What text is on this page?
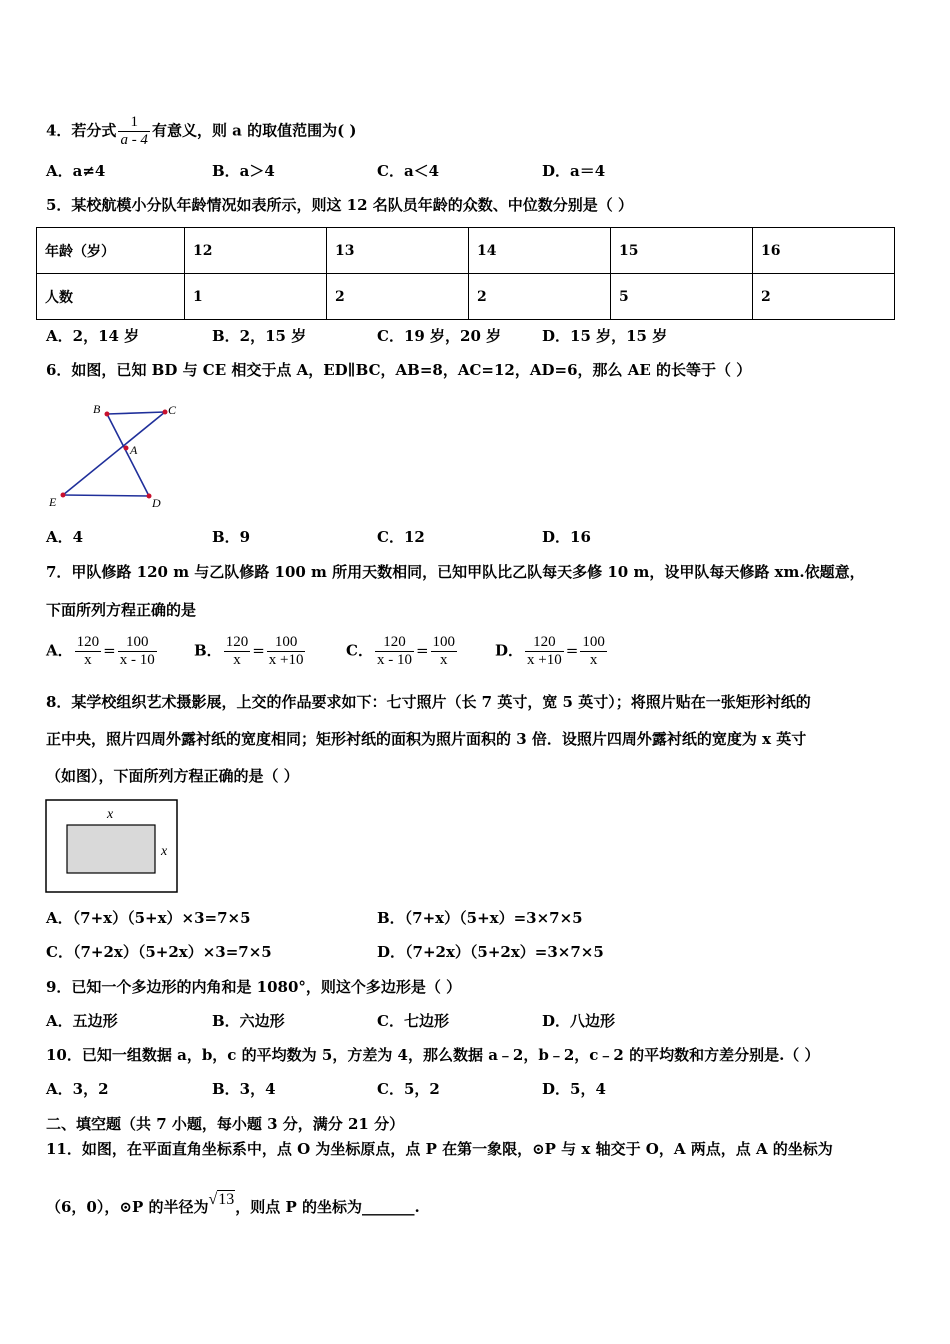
4．若分式 $\frac{1}{a - 4}$ 有意义，则 a 的取值范围为( )
A．a≠4	B．a＞4	C．a＜4	D．a＝4
5．某校航模小分队年龄情况如表所示，则这 12 名队员年龄的众数、中位数分别是（ ）
年龄（岁）	12	13	14	15	16
人数	1	2	2	5	2
A．2，14 岁	B．2，15 岁	C．19 岁，20 岁	D．15 岁，15 岁
6．如图，已知 BD 与 CE 相交于点 A，ED∥BC，AB=8，AC=12，AD=6，那么 AE 的长等于（ ）
B	C
A
E	D
A．4	B．9	C．12	D．16
7．甲队修路 120 m 与乙队修路 100 m 所用天数相同，已知甲队比乙队每天多修 10 m，设甲队每天修路 xm.依题意，
下面所列方程正确的是
A． $\frac{120}{x} = \frac{100}{x - 10}$ B． $\frac{120}{x} = \frac{100}{x +10}$	C． $\frac{120}{x - 10} = \frac{100}{x}$	D． $\frac{120}{x +10} = \frac{100}{x}$
8．某学校组织艺术摄影展，上交的作品要求如下：七寸照片（长 7 英寸，宽 5 英寸）；将照片贴在一张矩形衬纸的
正中央，照片四周外露衬纸的宽度相同；矩形衬纸的面积为照片面积的 3 倍．设照片四周外露衬纸的宽度为 x 英寸
（如图），下面所列方程正确的是（ ）
x
x
A．（7+x）（5+x）×3=7×5	B．（7+x）（5+x）=3×7×5
C．（7+2x）（5+2x）×3=7×5	D．（7+2x）（5+2x）=3×7×5
9．已知一个多边形的内角和是 1080°，则这个多边形是（ ）
A．五边形	B．六边形	C．七边形	D．八边形
10．已知一组数据 a，b，c 的平均数为 5，方差为 4，那么数据 a﹣2，b﹣2，c﹣2 的平均数和方差分别是.（ ）
A．3，2	B．3，4	C．5，2	D．5，4
二、填空题（共 7 小题，每小题 3 分，满分 21 分）
11．如图，在平面直角坐标系中，点 O 为坐标原点，点 P 在第一象限，⊙P 与 x 轴交于 O，A 两点，点 A 的坐标为
（6，0），⊙P 的半径为√13，则点 P 的坐标为_______.
